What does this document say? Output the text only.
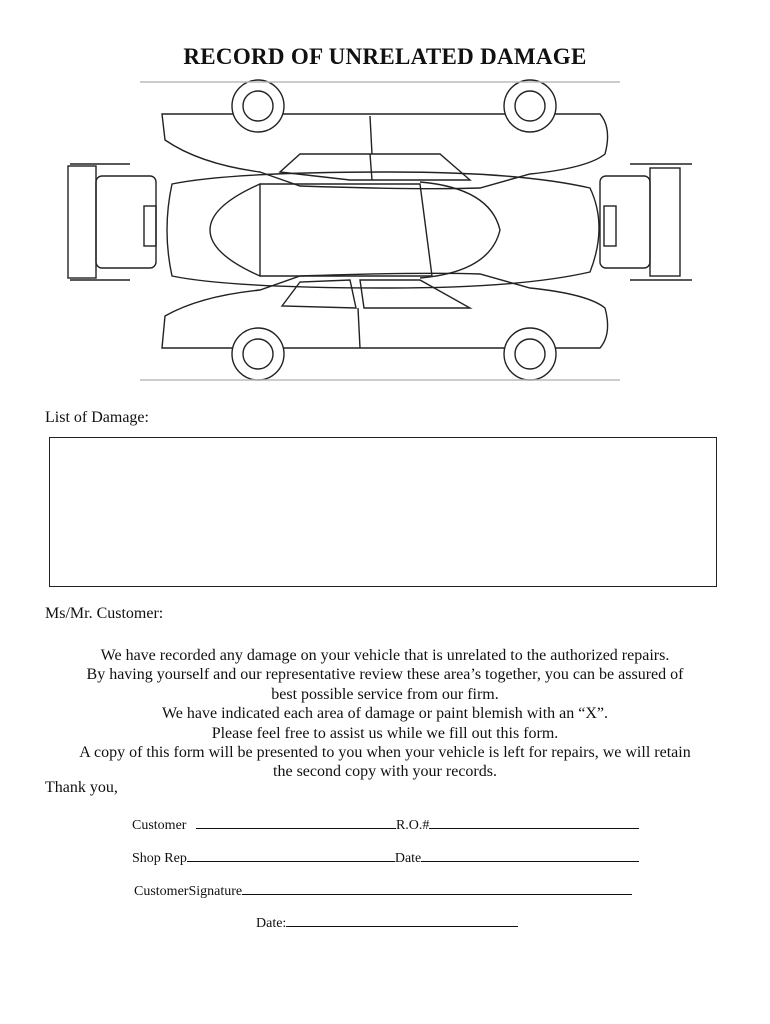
RECORD OF UNRELATED DAMAGE
List of Damage:
Ms/Mr. Customer:
We have recorded any damage on your vehicle that is unrelated to the authorized repairs.
By having yourself and our representative review these area’s together, you can be assured of
best possible service from our firm.
We have indicated each area of damage or paint blemish with an “X”.
Please feel free to assist us while we fill out this form.
A copy of this form will be presented to you when your vehicle is left for repairs, we will retain
the second copy with your records.
Thank you,
Customer	R.O.#
Shop Rep	Date
CustomerSignature
Date:
